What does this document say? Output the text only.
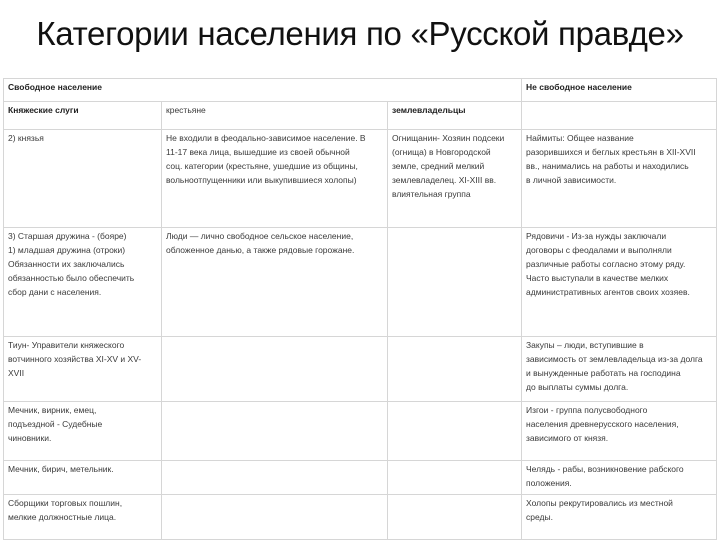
Категории населения по «Русской правде»
Свободное население			Не свободное население
Княжеские слуги	крестьяне	землевладельцы	

2) князья	Не входили в феодально-зависимое население. В
11-17 века лица, вышедшие из своей обычной
соц. категории (крестьяне, ушедшие из общины,
вольноотпущенники или выкупившиеся холопы)	Огнищанин- Хозяин подсеки
(огнища) в Новгородской
земле, средний мелкий
землевладелец. XI-XIII вв.
влиятельная группа	Наймиты: Общее название
разорившихся и беглых крестьян в XII-XVII
вв., нанимались на работы и находились
в личной зависимости.

3) Старшая дружина - (бояре)
1) младшая дружина (отроки)
Обязанности их заключались
обязанностью было обеспечить
сбор дани с населения.	Люди — лично свободное сельское население,
обложенное данью, а также рядовые горожане.		Рядовичи - Из-за нужды заключали
договоры с феодалами и выполняли
различные работы согласно этому ряду.
Часто выступали в качестве мелких
административных агентов своих хозяев.

Тиун- Управители княжеского
вотчинного хозяйства XI-XV и XV-
XVII			Закупы – люди, вступившие в
зависимость от землевладельца из-за долга
и вынужденные работать на господина
до выплаты суммы долга.

Мечник, вирник, емец,
подъездной - Судебные
чиновники.			Изгои - группа полусвободного
населения древнерусского населения,
зависимого от князя.

Мечник, бирич, метельник.			Челядь - рабы, возникновение рабского
положения.

Сборщики торговых пошлин,
мелкие должностные лица.			Холопы рекрутировались из местной
среды.
